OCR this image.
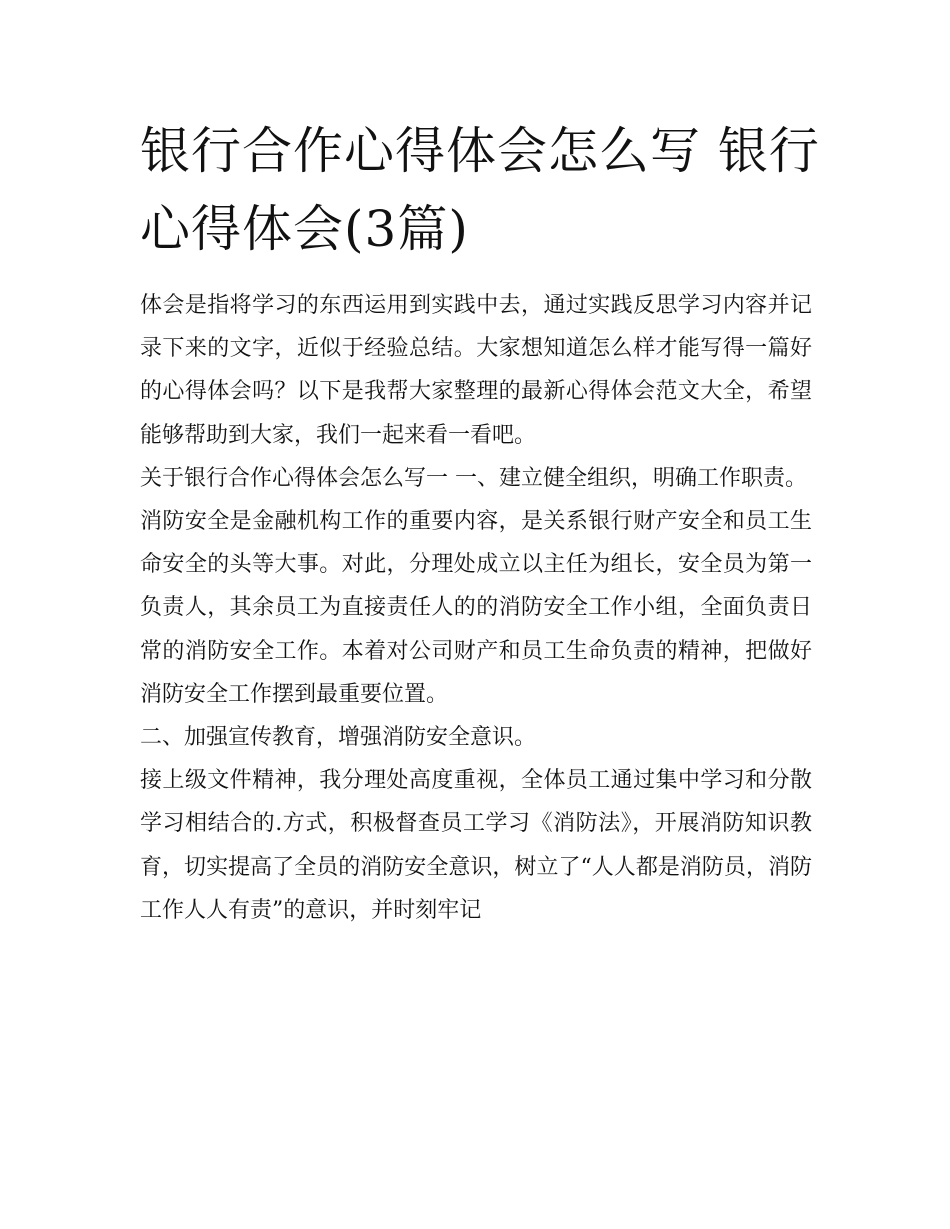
银行合作心得体会怎么写 银行心得体会(3篇)

体会是指将学习的东西运用到实践中去，通过实践反思学习内容并记录下来的文字，近似于经验总结。大家想知道怎么样才能写得一篇好的心得体会吗？以下是我帮大家整理的最新心得体会范文大全，希望能够帮助到大家，我们一起来看一看吧。

关于银行合作心得体会怎么写一 一、建立健全组织，明确工作职责。

消防安全是金融机构工作的重要内容，是关系银行财产安全和员工生命安全的头等大事。对此，分理处成立以主任为组长，安全员为第一负责人，其余员工为直接责任人的的消防安全工作小组，全面负责日常的消防安全工作。本着对公司财产和员工生命负责的精神，把做好消防安全工作摆到最重要位置。

二、加强宣传教育，增强消防安全意识。

接上级文件精神，我分理处高度重视，全体员工通过集中学习和分散学习相结合的.方式，积极督查员工学习《消防法》，开展消防知识教育，切实提高了全员的消防安全意识，树立了“人人都是消防员，消防工作人人有责”的意识，并时刻牢记
